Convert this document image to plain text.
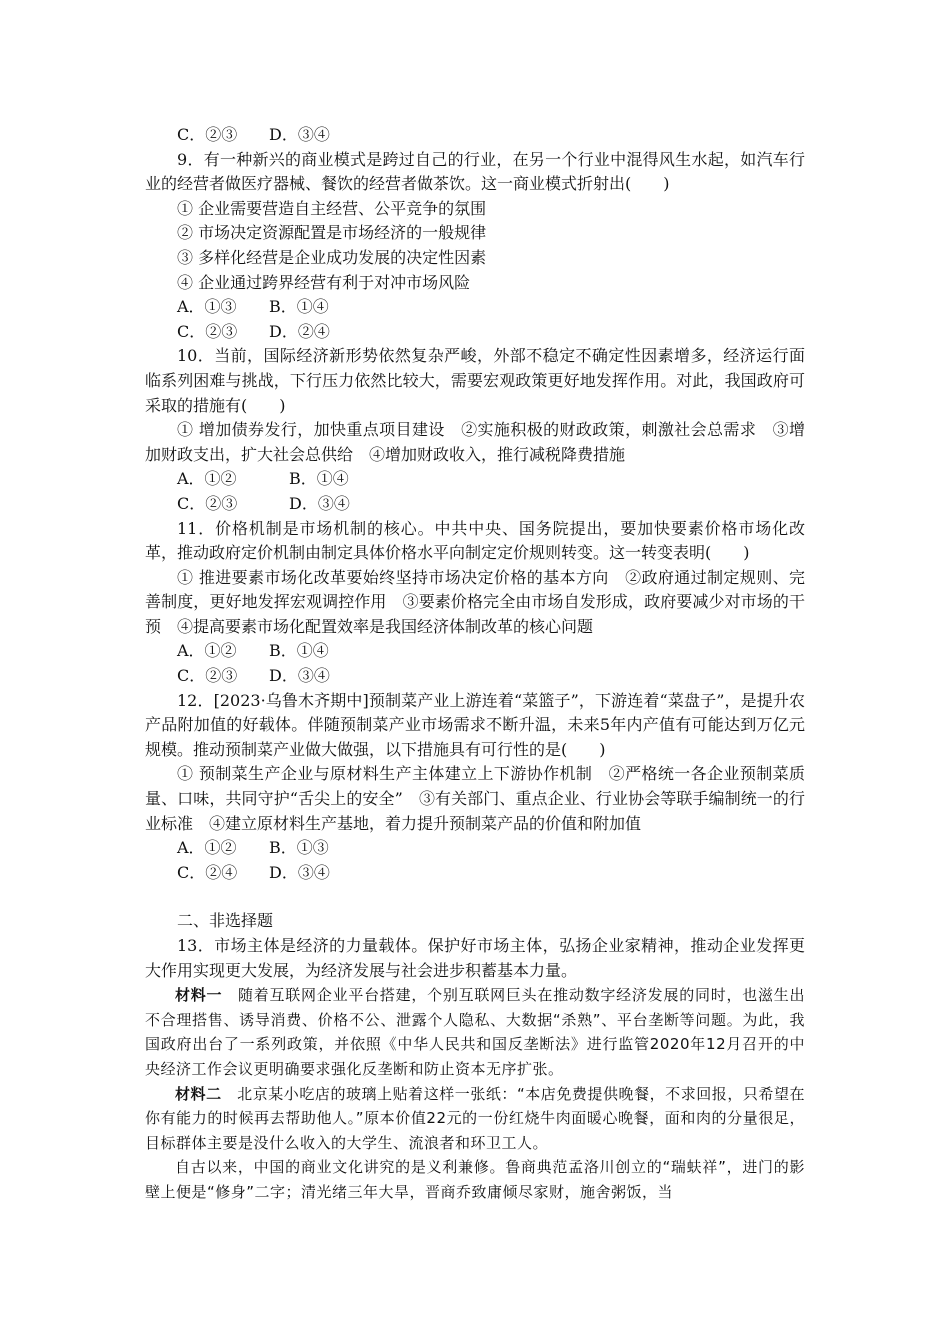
C．②③ D．③④
9．有一种新兴的商业模式是跨过自己的行业，在另一个行业中混得风生水起，如汽车行业的经营者做医疗器械、餐饮的经营者做茶饮。这一商业模式折射出(　　)
① 企业需要营造自主经营、公平竞争的氛围
② 市场决定资源配置是市场经济的一般规律
③ 多样化经营是企业成功发展的决定性因素
④ 企业通过跨界经营有利于对冲市场风险
A．①③ B．①④
C．②③ D．②④
10．当前，国际经济新形势依然复杂严峻，外部不稳定不确定性因素增多，经济运行面临系列困难与挑战，下行压力依然比较大，需要宏观政策更好地发挥作用。对此，我国政府可采取的措施有(　　)
① 增加债券发行，加快重点项目建设　②实施积极的财政政策，刺激社会总需求　③增加财政支出，扩大社会总供给　④增加财政收入，推行减税降费措施
A．①②	B．①④
C．②③	D．③④
11．价格机制是市场机制的核心。中共中央、国务院提出，要加快要素价格市场化改革，推动政府定价机制由制定具体价格水平向制定定价规则转变。这一转变表明(　　)
① 推进要素市场化改革要始终坚持市场决定价格的基本方向　②政府通过制定规则、完善制度，更好地发挥宏观调控作用　③要素价格完全由市场自发形成，政府要减少对市场的干预　④提高要素市场化配置效率是我国经济体制改革的核心问题
A．①② B．①④
C．②③ D．③④
12．[2023·乌鲁木齐期中]预制菜产业上游连着“菜篮子”，下游连着“菜盘子”，是提升农产品附加值的好载体。伴随预制菜产业市场需求不断升温，未来5年内产值有可能达到万亿元规模。推动预制菜产业做大做强，以下措施具有可行性的是(　　)
① 预制菜生产企业与原材料生产主体建立上下游协作机制　②严格统一各企业预制菜质量、口味，共同守护“舌尖上的安全”　③有关部门、重点企业、行业协会等联手编制统一的行业标准　④建立原材料生产基地，着力提升预制菜产品的价值和附加值
A．①② B．①③
C．②④ D．③④
二、非选择题
13．市场主体是经济的力量载体。保护好市场主体，弘扬企业家精神，推动企业发挥更大作用实现更大发展，为经济发展与社会进步积蓄基本力量。
材料一　随着互联网企业平台搭建，个别互联网巨头在推动数字经济发展的同时，也滋生出不合理搭售、诱导消费、价格不公、泄露个人隐私、大数据“杀熟”、平台垄断等问题。为此，我国政府出台了一系列政策，并依照《中华人民共和国反垄断法》进行监管2020年12月召开的中央经济工作会议更明确要求强化反垄断和防止资本无序扩张。
材料二　北京某小吃店的玻璃上贴着这样一张纸：“本店免费提供晚餐，不求回报，只希望在你有能力的时候再去帮助他人。”原本价值22元的一份红烧牛肉面暖心晚餐，面和肉的分量很足，目标群体主要是没什么收入的大学生、流浪者和环卫工人。
自古以来，中国的商业文化讲究的是义利兼修。鲁商典范孟洛川创立的“瑞蚨祥”，进门的影壁上便是“修身”二字；清光绪三年大旱，晋商乔致庸倾尽家财，施舍粥饭，当
